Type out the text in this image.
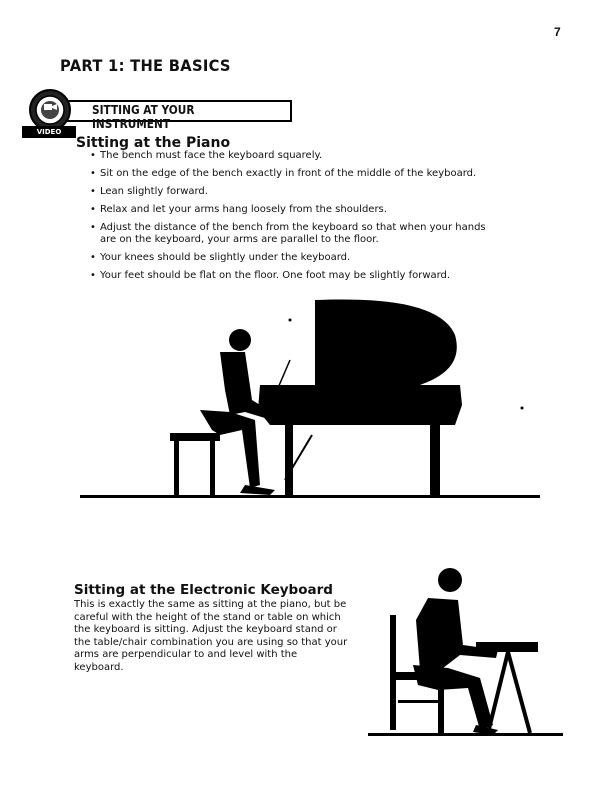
7
PART 1: THE BASICS
SITTING AT YOUR INSTRUMENT
VIDEO EXAMPLE Sitting at the Piano
• The bench must face the keyboard squarely.
• Sit on the edge of the bench exactly in front of the middle of the keyboard.
• Lean slightly forward.
• Relax and let your arms hang loosely from the shoulders.
• Adjust the distance of the bench from the keyboard so that when your hands are on the keyboard, your arms are parallel to the floor.
• Your knees should be slightly under the keyboard.
• Your feet should be flat on the floor. One foot may be slightly forward.
Sitting at the Electronic Keyboard
This is exactly the same as sitting at the piano, but be careful with the height of the stand or table on which the keyboard is sitting. Adjust the keyboard stand or the table/chair combination you are using so that your arms are perpendicular to and level with the keyboard.
